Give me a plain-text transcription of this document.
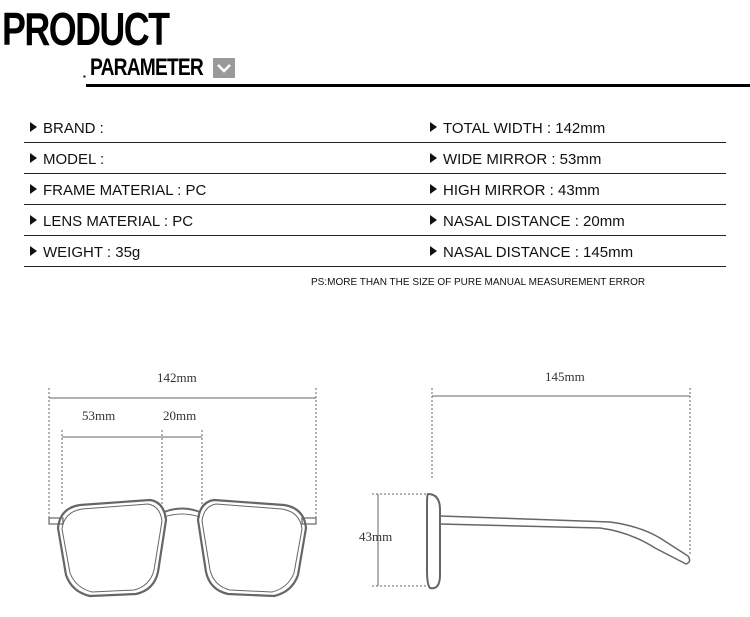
PRODUCT
▪ PARAMETER
BRAND :	TOTAL WIDTH : 142mm
MODEL :	WIDE MIRROR : 53mm
FRAME MATERIAL : PC	HIGH MIRROR : 43mm
LENS MATERIAL : PC	NASAL DISTANCE : 20mm
WEIGHT : 35g	NASAL DISTANCE : 145mm
PS:MORE THAN THE SIZE OF PURE MANUAL MEASUREMENT ERROR
142mm
53mm	20mm
145mm
43mm
